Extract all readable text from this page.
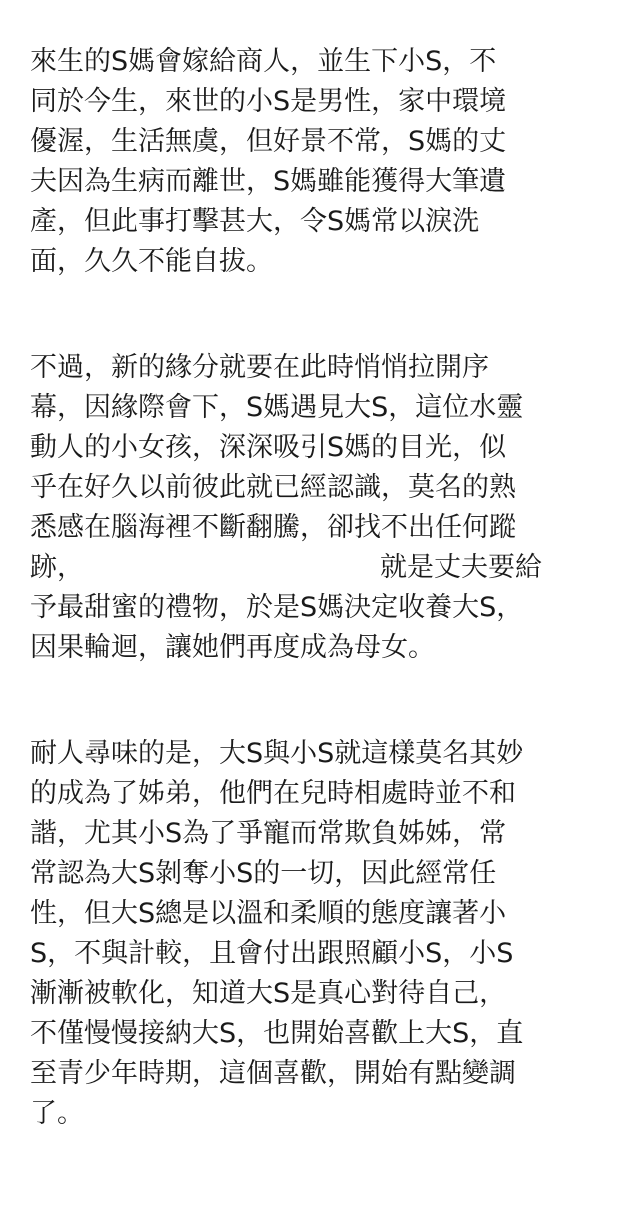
來生的S媽會嫁給商人，並生下小S，不
同於今生，來世的小S是男性，家中環境
優渥，生活無虞，但好景不常，S媽的丈
夫因為生病而離世，S媽雖能獲得大筆遺
產，但此事打擊甚大，令S媽常以淚洗
面，久久不能自拔。

不過，新的緣分就要在此時悄悄拉開序
幕，因緣際會下，S媽遇見大S，這位水靈
動人的小女孩，深深吸引S媽的目光，似
乎在好久以前彼此就已經認識，莫名的熟
悉感在腦海裡不斷翻騰，卻找不出任何蹤
跡，	就是丈夫要給
予最甜蜜的禮物，於是S媽決定收養大S，
因果輪迴，讓她們再度成為母女。

耐人尋味的是，大S與小S就這樣莫名其妙
的成為了姊弟，他們在兒時相處時並不和
諧，尤其小S為了爭寵而常欺負姊姊，常
常認為大S剝奪小S的一切，因此經常任
性，但大S總是以溫和柔順的態度讓著小
S，不與計較，且會付出跟照顧小S，小S
漸漸被軟化，知道大S是真心對待自己，
不僅慢慢接納大S，也開始喜歡上大S，直
至青少年時期，這個喜歡，開始有點變調
了。
